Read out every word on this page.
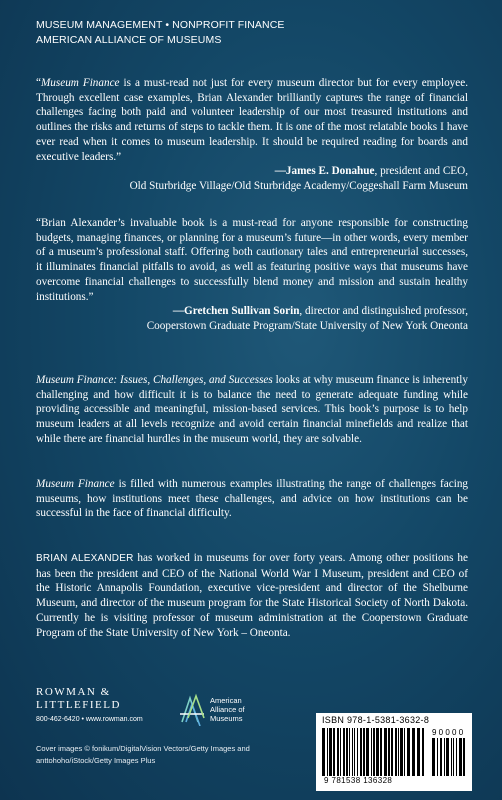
MUSEUM MANAGEMENT • NONPROFIT FINANCE
AMERICAN ALLIANCE OF MUSEUMS
“Museum Finance is a must-read not just for every museum director but for every employee. Through excellent case examples, Brian Alexander brilliantly captures the range of financial challenges facing both paid and volunteer leadership of our most treasured institutions and outlines the risks and returns of steps to tackle them. It is one of the most relatable books I have ever read when it comes to museum leadership. It should be required reading for boards and executive leaders.”
—James E. Donahue, president and CEO,
Old Sturbridge Village/Old Sturbridge Academy/Coggeshall Farm Museum
“Brian Alexander’s invaluable book is a must-read for anyone responsible for constructing budgets, managing finances, or planning for a museum’s future—in other words, every member of a museum’s professional staff. Offering both cautionary tales and entrepreneurial successes, it illuminates financial pitfalls to avoid, as well as featuring positive ways that museums have overcome financial challenges to successfully blend money and mission and sustain healthy institutions.”
—Gretchen Sullivan Sorin, director and distinguished professor,
Cooperstown Graduate Program/State University of New York Oneonta
Museum Finance: Issues, Challenges, and Successes looks at why museum finance is inherently challenging and how difficult it is to balance the need to generate adequate funding while providing accessible and meaningful, mission-based services. This book’s purpose is to help museum leaders at all levels recognize and avoid certain financial minefields and realize that while there are financial hurdles in the museum world, they are solvable.
Museum Finance is filled with numerous examples illustrating the range of challenges facing museums, how institutions meet these challenges, and advice on how institutions can be successful in the face of financial difficulty.
BRIAN ALEXANDER has worked in museums for over forty years. Among other positions he has been the president and CEO of the National World War I Museum, president and CEO of the Historic Annapolis Foundation, executive vice-president and director of the Shelburne Museum, and director of the museum program for the State Historical Society of North Dakota. Currently he is visiting professor of museum administration at the Cooperstown Graduate Program of the State University of New York – Oneonta.
ROWMAN &
LITTLEFIELD
800-462-6420 • www.rowman.com
American
Alliance of
Museums
Cover images © fonikum/DigitalVision Vectors/Getty Images and anttohoho/iStock/Getty Images Plus
ISBN 978-1-5381-3632-8
9 0 0 0 0
9 781538 136328
